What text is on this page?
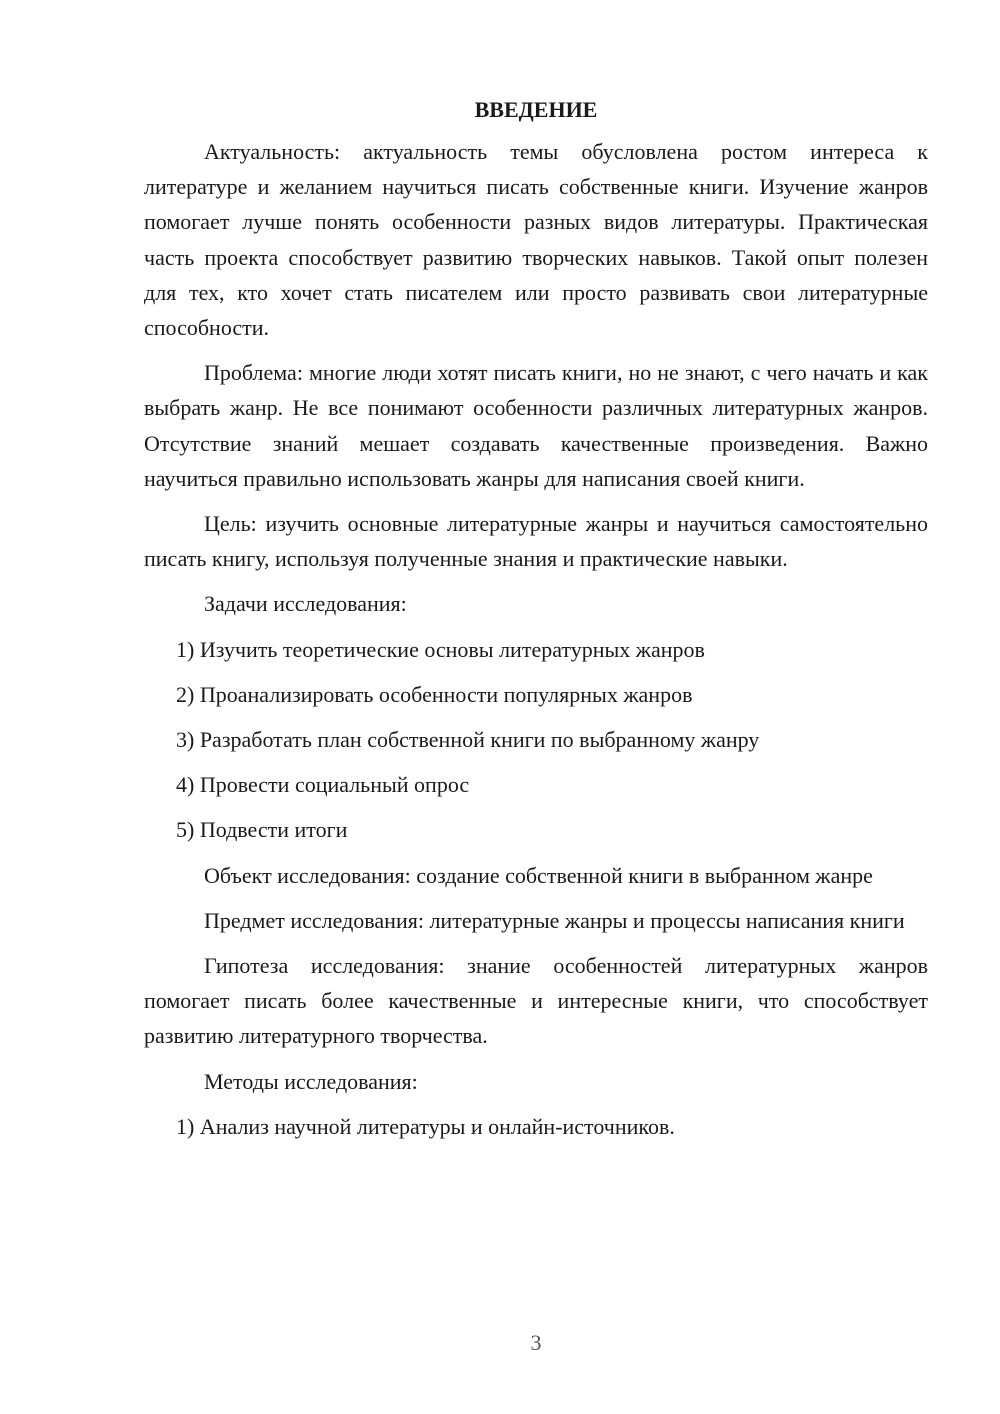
ВВЕДЕНИЕ

Актуальность: актуальность темы обусловлена ростом интереса к литературе и желанием научиться писать собственные книги. Изучение жанров помогает лучше понять особенности разных видов литературы. Практическая часть проекта способствует развитию творческих навыков. Такой опыт полезен для тех, кто хочет стать писателем или просто развивать свои литературные способности.

Проблема: многие люди хотят писать книги, но не знают, с чего начать и как выбрать жанр. Не все понимают особенности различных литературных жанров. Отсутствие знаний мешает создавать качественные произведения. Важно научиться правильно использовать жанры для написания своей книги.

Цель: изучить основные литературные жанры и научиться самостоятельно писать книгу, используя полученные знания и практические навыки.

Задачи исследования:

1) Изучить теоретические основы литературных жанров

2) Проанализировать особенности популярных жанров

3) Разработать план собственной книги по выбранному жанру

4) Провести социальный опрос

5) Подвести итоги

Объект исследования: создание собственной книги в выбранном жанре

Предмет исследования: литературные жанры и процессы написания книги

Гипотеза исследования: знание особенностей литературных жанров помогает писать более качественные и интересные книги, что способствует развитию литературного творчества.

Методы исследования:

1) Анализ научной литературы и онлайн-источников.

3
